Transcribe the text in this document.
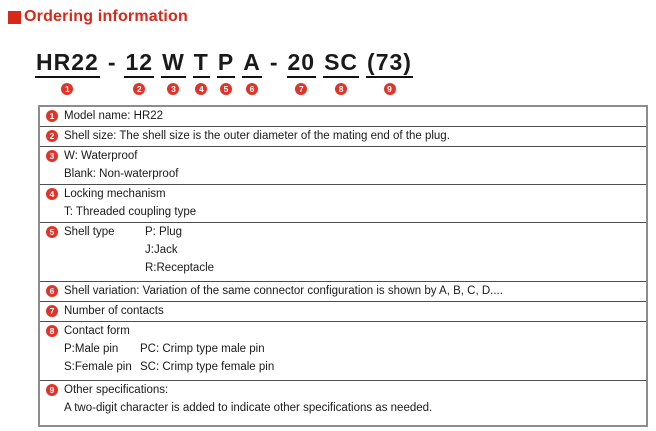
Ordering information
HR22
1
- 12
2
W
3
T
4
P
5
A
6
- 20
7
SC
8
(73)
9
1 Model name: HR22
2 Shell size: The shell size is the outer diameter of the mating end of the plug.
3 W: Waterproof
Blank: Non-waterproof
4 Locking mechanism
T: Threaded coupling type
5 Shell type	P: Plug
J:Jack
R:Receptacle
6 Shell variation: Variation of the same connector configuration is shown by A, B, C, D....
7 Number of contacts
8 Contact form
P:Male pin	PC: Crimp type male pin
S:Female pin SC: Crimp type female pin
9 Other specifications:
A two-digit character is added to indicate other specifications as needed.
